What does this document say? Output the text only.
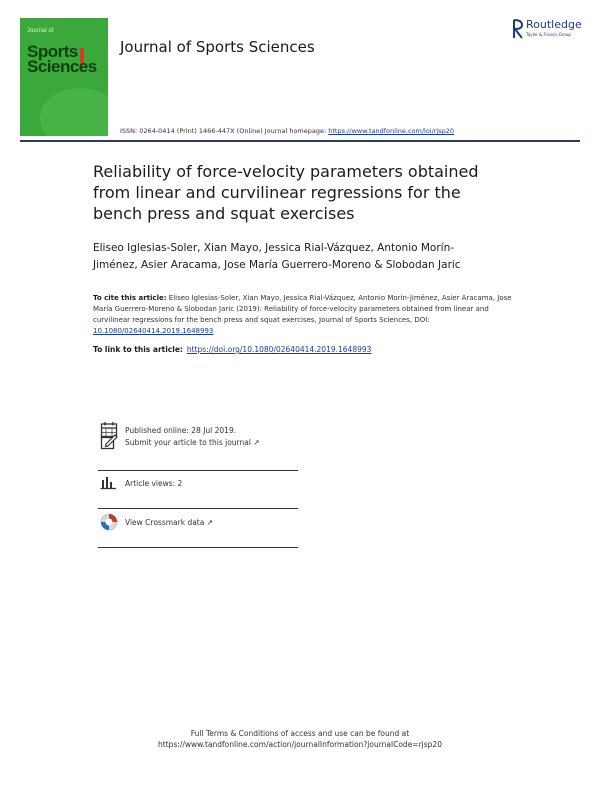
Journal of
Sports
Sciences
Journal of Sports Sciences
Routledge
Taylor & Francis Group
ISSN: 0264-0414 (Print) 1466-447X (Online) Journal homepage: https://www.tandfonline.com/loi/rjsp20
Reliability of force-velocity parameters obtained from linear and curvilinear regressions for the bench press and squat exercises
Eliseo Iglesias-Soler, Xian Mayo, Jessica Rial-Vázquez, Antonio Morín-Jiménez, Asier Aracama, Jose María Guerrero-Moreno & Slobodan Jaric
To cite this article: Eliseo Iglesias-Soler, Xian Mayo, Jessica Rial-Vázquez, Antonio Morín-Jiménez, Asier Aracama, Jose María Guerrero-Moreno & Slobodan Jaric (2019): Reliability of force-velocity parameters obtained from linear and curvilinear regressions for the bench press and squat exercises, Journal of Sports Sciences, DOI: 10.1080/02640414.2019.1648993
To link to this article: https://doi.org/10.1080/02640414.2019.1648993
Published online: 28 Jul 2019.
Submit your article to this journal ↗
Article views: 2
View Crossmark data ↗
Full Terms & Conditions of access and use can be found at
https://www.tandfonline.com/action/journalInformation?journalCode=rjsp20
